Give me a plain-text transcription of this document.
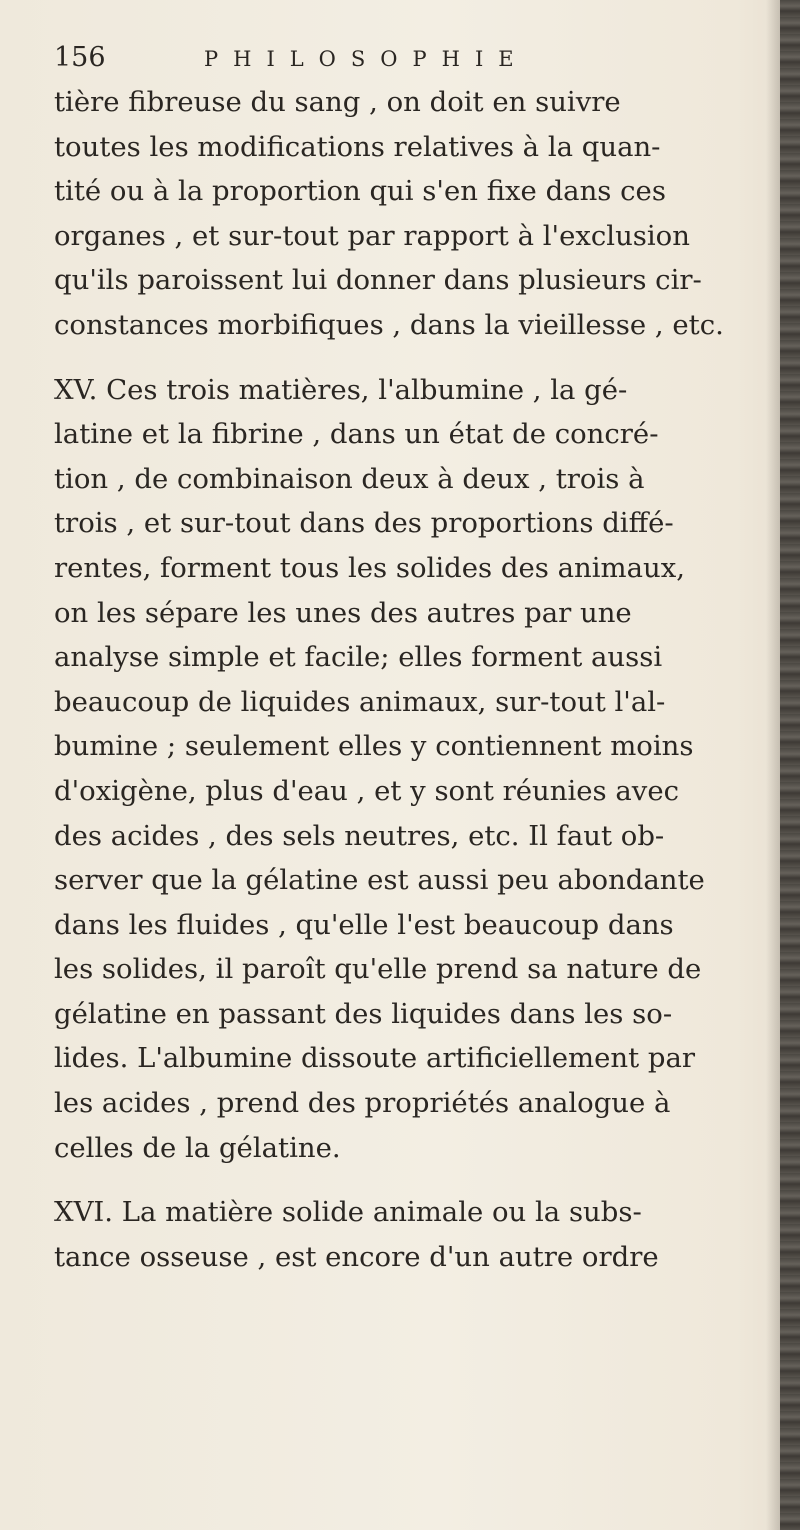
156	PHILOSOPHIE
tière fibreuse du sang , on doit en suivre
toutes les modifications relatives à la quan-
tité ou à la proportion qui s'en fixe dans ces
organes , et sur-tout par rapport à l'exclusion
qu'ils paroissent lui donner dans plusieurs cir-
constances morbifiques , dans la vieillesse , etc.
XV. Ces trois matières, l'albumine , la gé-
latine et la fibrine , dans un état de concré-
tion , de combinaison deux à deux , trois à
trois , et sur-tout dans des proportions diffé-
rentes, forment tous les solides des animaux,
on les sépare les unes des autres par une
analyse simple et facile; elles forment aussi
beaucoup de liquides animaux, sur-tout l'al-
bumine ; seulement elles y contiennent moins
d'oxigène, plus d'eau , et y sont réunies avec
des acides , des sels neutres, etc. Il faut ob-
server que la gélatine est aussi peu abondante
dans les fluides , qu'elle l'est beaucoup dans
les solides, il paroît qu'elle prend sa nature de
gélatine en passant des liquides dans les so-
lides. L'albumine dissoute artificiellement par
les acides , prend des propriétés analogue à
celles de la gélatine.
XVI. La matière solide animale ou la subs-
tance osseuse , est encore d'un autre ordre
